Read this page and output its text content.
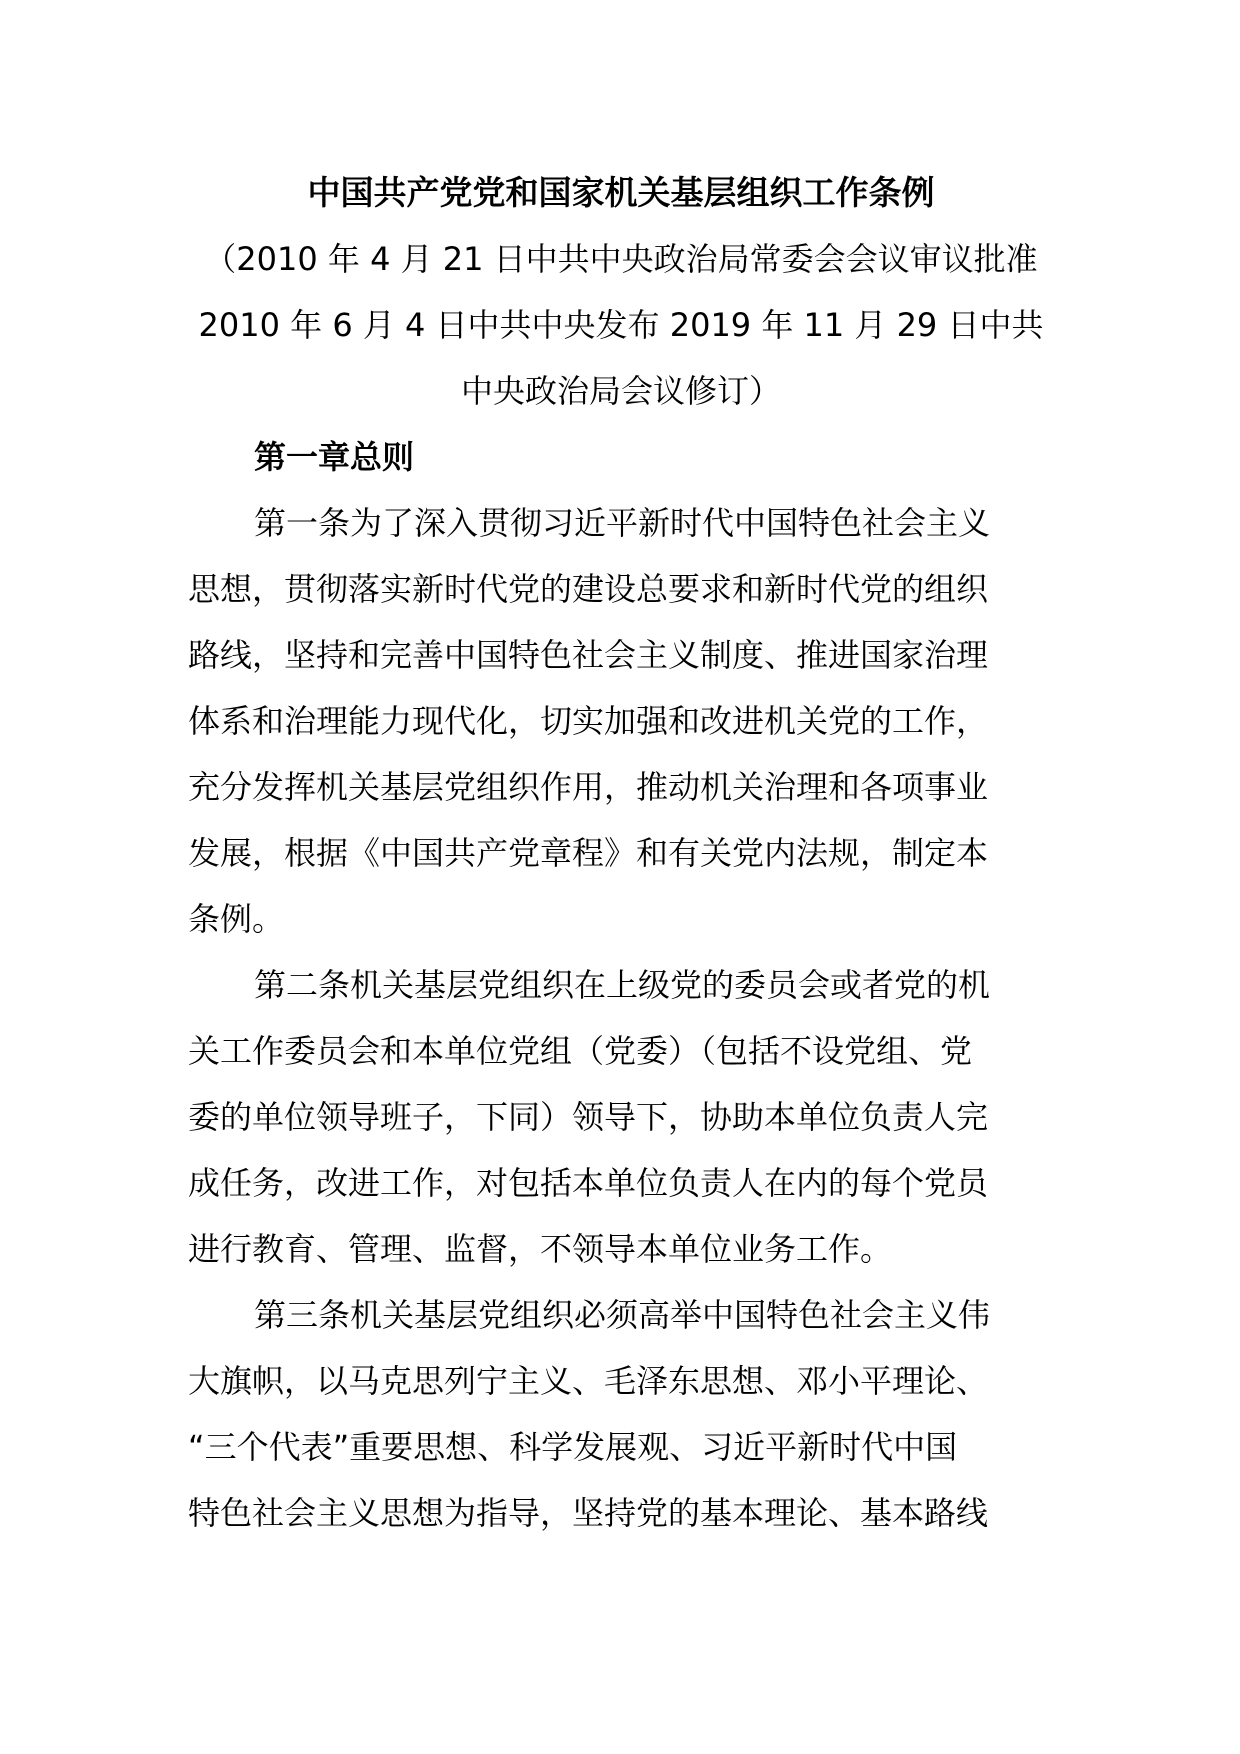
中国共产党党和国家机关基层组织工作条例

（2010 年 4 月 21 日中共中央政治局常委会会议审议批准
2010 年 6 月 4 日中共中央发布 2019 年 11 月 29 日中共
中央政治局会议修订）

第一章总则

第一条为了深入贯彻习近平新时代中国特色社会主义
思想，贯彻落实新时代党的建设总要求和新时代党的组织
路线，坚持和完善中国特色社会主义制度、推进国家治理
体系和治理能力现代化，切实加强和改进机关党的工作，
充分发挥机关基层党组织作用，推动机关治理和各项事业
发展，根据《中国共产党章程》和有关党内法规，制定本
条例。

第二条机关基层党组织在上级党的委员会或者党的机
关工作委员会和本单位党组（党委）（包括不设党组、党
委的单位领导班子，下同）领导下，协助本单位负责人完
成任务，改进工作，对包括本单位负责人在内的每个党员
进行教育、管理、监督，不领导本单位业务工作。

第三条机关基层党组织必须高举中国特色社会主义伟
大旗帜，以马克思列宁主义、毛泽东思想、邓小平理论、
“三个代表”重要思想、科学发展观、习近平新时代中国
特色社会主义思想为指导，坚持党的基本理论、基本路线
